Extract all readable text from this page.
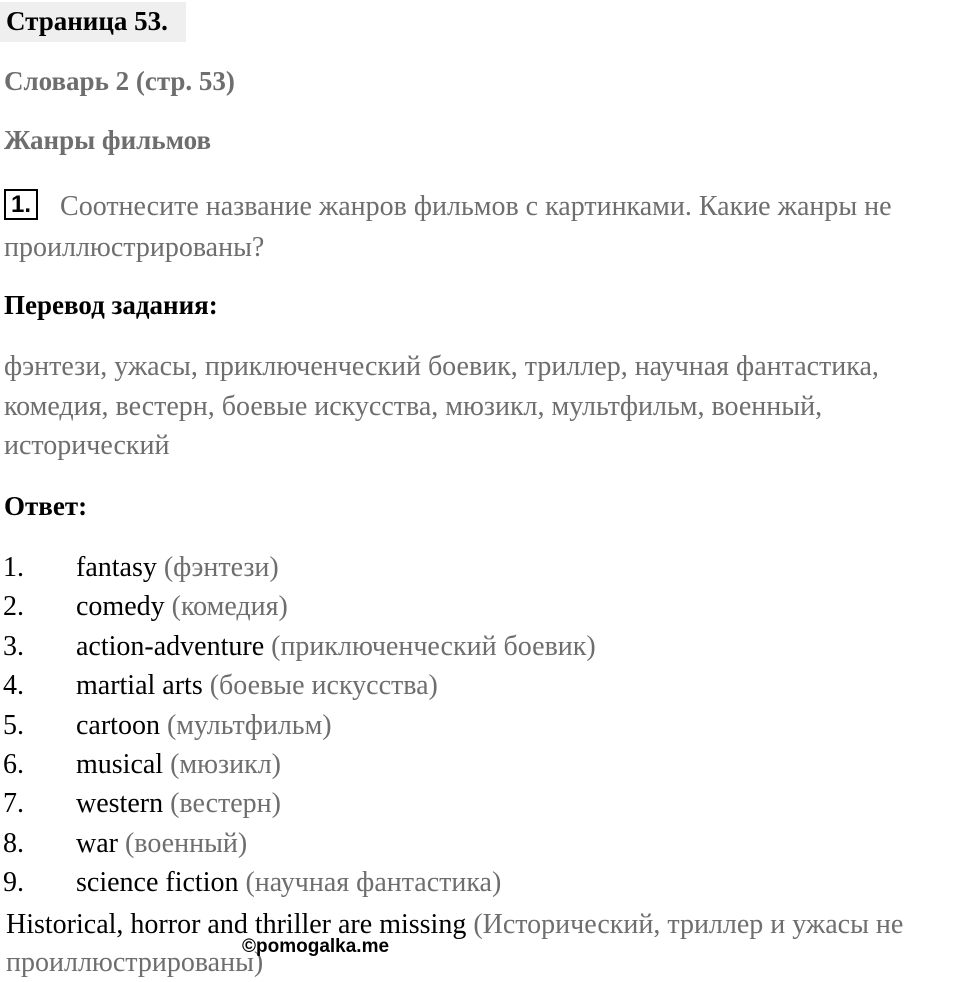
Страница 53.
Словарь 2 (стр. 53)
Жанры фильмов
1. Соотнесите название жанров фильмов с картинками. Какие жанры не проиллюстрированы?
Перевод задания:
фэнтези, ужасы, приключенческий боевик, триллер, научная фантастика, комедия, вестерн, боевые искусства, мюзикл, мультфильм, военный, исторический
Ответ:
1. fantasy (фэнтези)
2. comedy (комедия)
3. action-adventure (приключенческий боевик)
4. martial arts (боевые искусства)
5. cartoon (мультфильм)
6. musical (мюзикл)
7. western (вестерн)
8. war (военный)
9. science fiction (научная фантастика)
Historical, horror and thriller are missing (Исторический, триллер и ужасы не проиллюстрированы)
©pomogalka.me
